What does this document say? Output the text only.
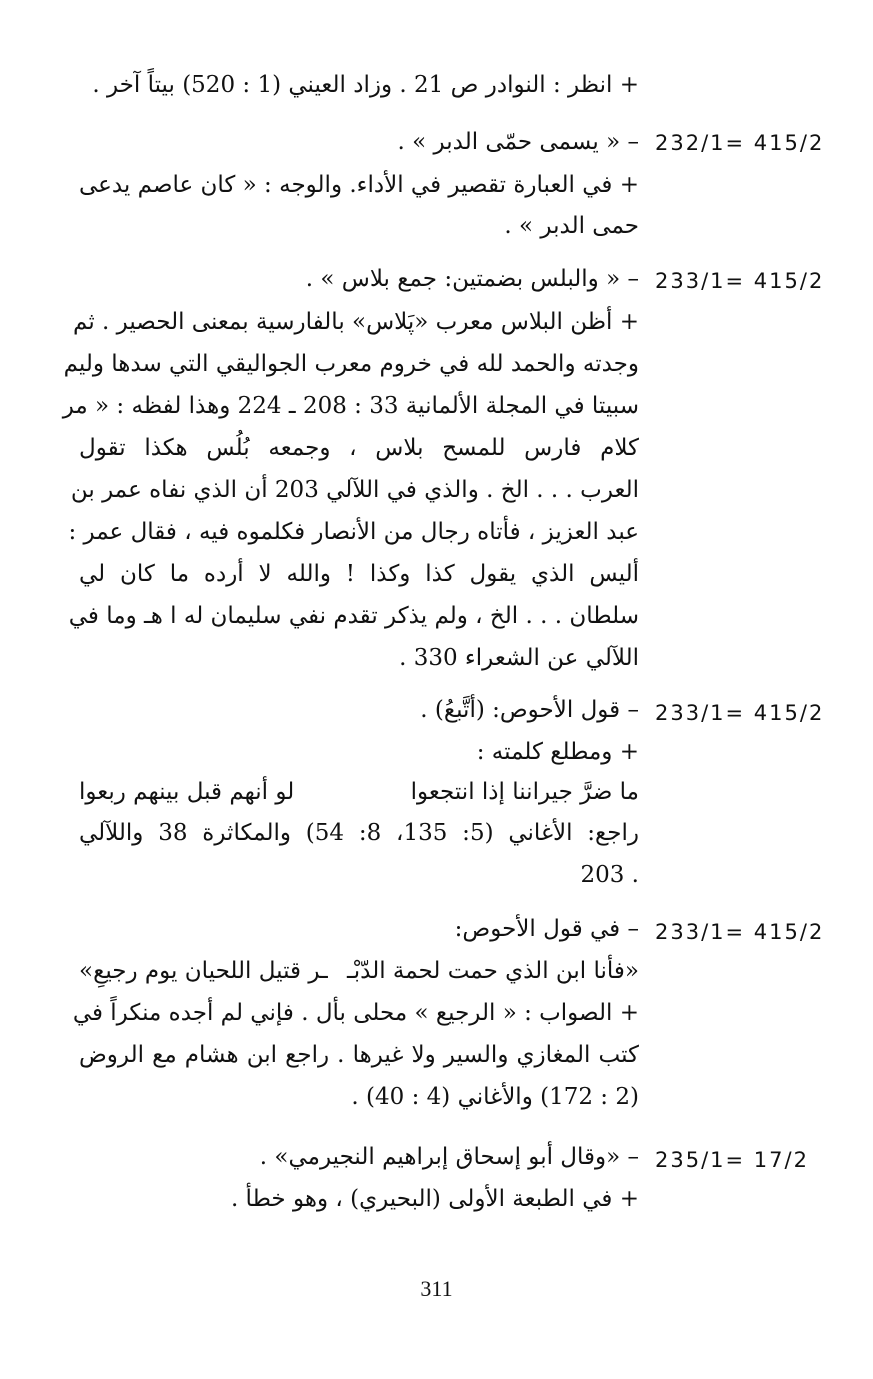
+ انظر : النوادر ص 21 . وزاد العيني (1 : 520) بيتاً آخر .
232/1= 415/2
– « يسمى حمّى الدبر » .
+ في العبارة تقصير في الأداء. والوجه : « كان عاصم يدعى
حمى الدبر » .
233/1= 415/2
– « والبلس بضمتين: جمع بلاس » .
+ أظن البلاس معرب «پَلاس» بالفارسية بمعنى الحصير . ثم
وجدته والحمد لله في خروم معرب الجواليقي التي سدها وليم
سبيتا في المجلة الألمانية 33 : 208 ـ 224 وهذا لفظه : « مر
كلام فارس للمسح بلاس ، وجمعه بُلُس هكذا تقول
العرب . . . الخ . والذي في اللآلي 203 أن الذي نفاه عمر بن
عبد العزيز ، فأتاه رجال من الأنصار فكلموه فيه ، فقال عمر :
أليس الذي يقول كذا وكذا ! والله لا أرده ما كان لي
سلطان . . . الخ ، ولم يذكر تقدم نفي سليمان له ا هـ وما في
اللآلي عن الشعراء 330 .
233/1= 415/2
– قول الأحوص: (أتَّبعُ) .
+ ومطلع كلمته :
ما ضرَّ جيراننا إذا انتجعوا
لو أنهم قبل بينهم ربعوا
راجع: الأغاني (5: 135، 8: 54) والمكاثرة 38 واللآلي
. 203
233/1= 415/2
– في قول الأحوص:
«فأنا ابن الذي حمت لحمة الدّبْـ
ـر قتيل اللحيان يوم رجيعِ»
+ الصواب : « الرجيع » محلى بأل . فإني لم أجده منكراً في
كتب المغازي والسير ولا غيرها . راجع ابن هشام مع الروض
(2 : 172) والأغاني (4 : 40) .
235/1= 17/2
– «وقال أبو إسحاق إبراهيم النجيرمي» .
+ في الطبعة الأولى (البحيري) ، وهو خطأ .
311
